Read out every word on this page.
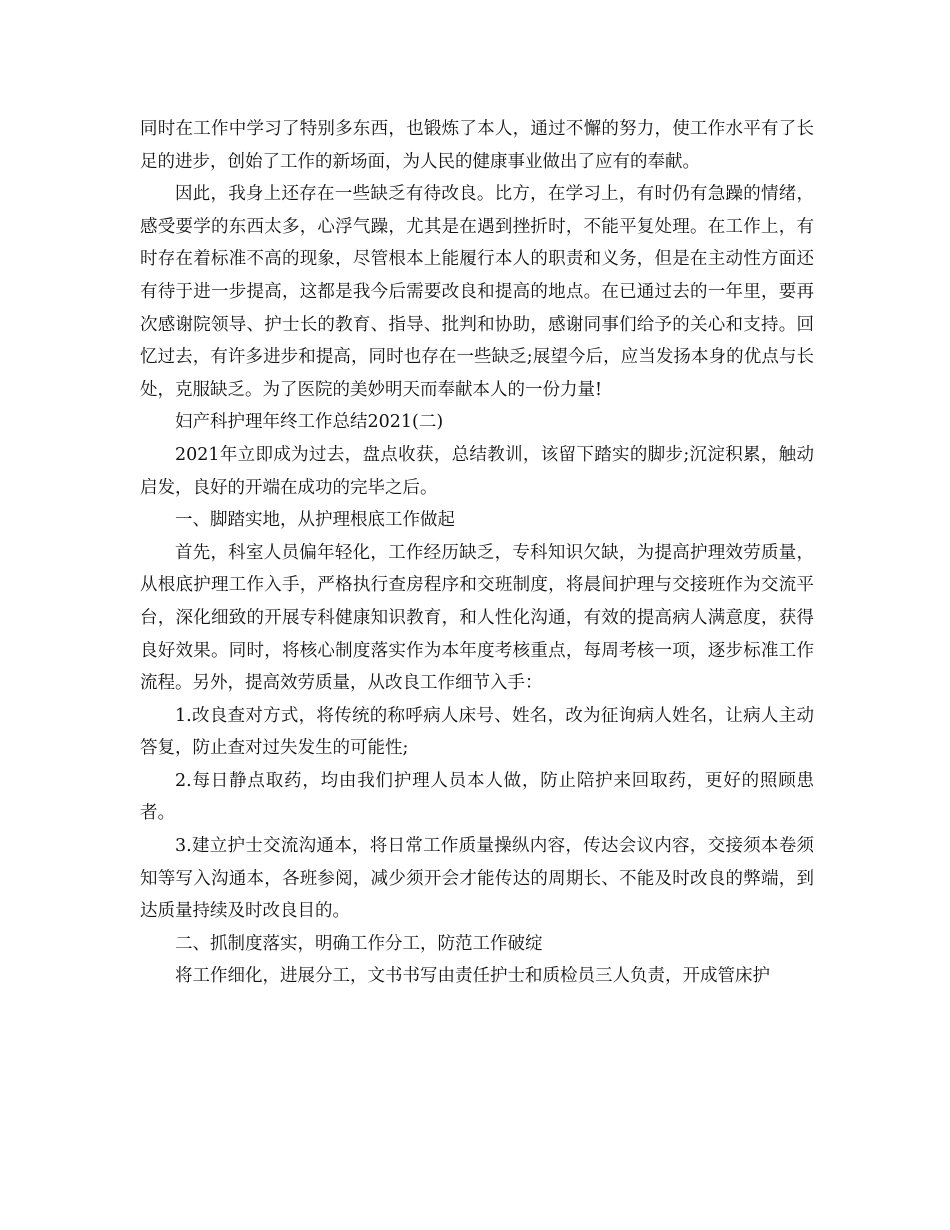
同时在工作中学习了特别多东西，也锻炼了本人，通过不懈的努力，使工作水平有了长足的进步，创始了工作的新场面，为人民的健康事业做出了应有的奉献。

因此，我身上还存在一些缺乏有待改良。比方，在学习上，有时仍有急躁的情绪，感受要学的东西太多，心浮气躁，尤其是在遇到挫折时，不能平复处理。在工作上，有时存在着标准不高的现象，尽管根本上能履行本人的职责和义务，但是在主动性方面还有待于进一步提高，这都是我今后需要改良和提高的地点。在已通过去的一年里，要再次感谢院领导、护士长的教育、指导、批判和协助，感谢同事们给予的关心和支持。回忆过去，有许多进步和提高，同时也存在一些缺乏;展望今后，应当发扬本身的优点与长处，克服缺乏。为了医院的美妙明天而奉献本人的一份力量!

妇产科护理年终工作总结2021(二)

2021年立即成为过去，盘点收获，总结教训，该留下踏实的脚步;沉淀积累，触动启发，良好的开端在成功的完毕之后。

一、脚踏实地，从护理根底工作做起

首先，科室人员偏年轻化，工作经历缺乏，专科知识欠缺，为提高护理效劳质量，从根底护理工作入手，严格执行查房程序和交班制度，将晨间护理与交接班作为交流平台，深化细致的开展专科健康知识教育，和人性化沟通，有效的提高病人满意度，获得良好效果。同时，将核心制度落实作为本年度考核重点，每周考核一项，逐步标准工作流程。另外，提高效劳质量，从改良工作细节入手：

1.改良查对方式，将传统的称呼病人床号、姓名，改为征询病人姓名，让病人主动答复，防止查对过失发生的可能性;

2.每日静点取药，均由我们护理人员本人做，防止陪护来回取药，更好的照顾患者。

3.建立护士交流沟通本，将日常工作质量操纵内容，传达会议内容，交接须本卷须知等写入沟通本，各班参阅，减少须开会才能传达的周期长、不能及时改良的弊端，到达质量持续及时改良目的。

二、抓制度落实，明确工作分工，防范工作破绽

将工作细化，进展分工，文书书写由责任护士和质检员三人负责，开成管床护
